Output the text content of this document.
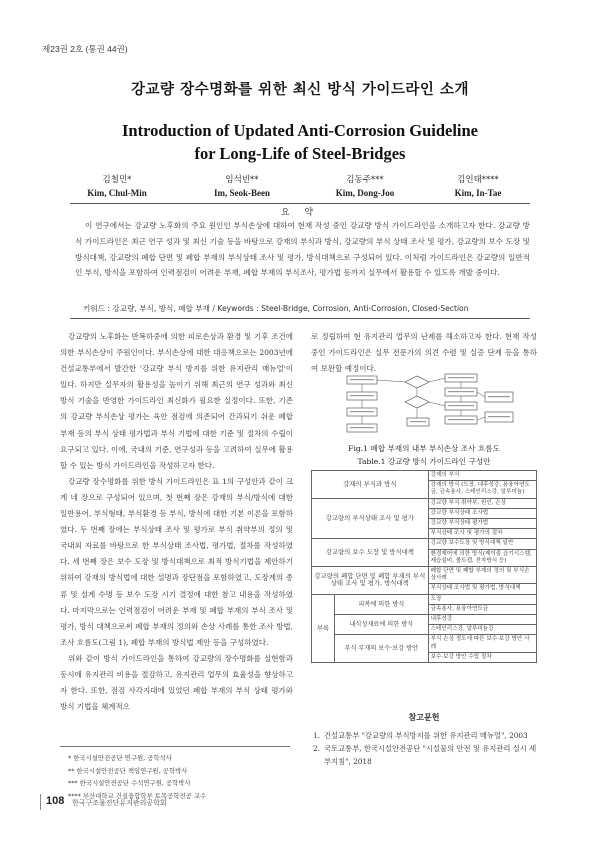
제23권 2호 (통권 44권)
강교량 장수명화를 위한 최신 방식 가이드라인 소개
Introduction of Updated Anti-Corrosion Guideline
for Long-Life of Steel-Bridges
김철민*
Kim, Chul-Min
임석빈**
Im, Seok-Been
김동주***
Kim, Dong-Joo
김인태****
Kim, In-Tae
요 약
이 연구에서는 강교량 노후화의 주요 원인인 부식손상에 대하여 현재 작성 중인 강교량 방식 가이드라인을 소개하고자 한다. 강교량 방식 가이드라인은 최근 연구 성과 및 최신 기술 등을 바탕으로 강재의 부식과 방식, 강교량의 부식 상태 조사 및 평가, 강교량의 보수 도장 및 방식대책, 강교량의 폐합 단면 및 폐합 부재의 부식상태 조사 및 평가, 방식대책으로 구성되어 있다. 이처럼 가이드라인은 강교량의 일반적인 부식, 방식을 포함하여 인력점검이 어려운 부재, 폐합 부재의 부식조사, 평가법 등까지 실무에서 활용할 수 있도록 개발 중이다.
키워드 : 강교량, 부식, 방식, 폐합 부재 / Keywords : Steel-Bridge, Corrosion, Anti-Corrosion, Closed-Section

강교량의 노후화는 반복하중에 의한 피로손상과 환경 및 기후 조건에 의한 부식손상이 주원인이다. 부식손상에 대한 대응책으로는 2003년에 건설교통부에서 발간한 '강교량 부식 방지를 위한 유지관리 매뉴얼'이 있다. 하지만 실무자의 활용성을 높이기 위해 최근의 연구 성과와 최신 방식 기술을 반영한 가이드라인 최신화가 필요한 실정이다. 또한, 기존의 강교량 부식손상 평가는 육안 점검에 의존되어 간과되기 쉬운 폐합 부재 등의 부식 상태 평가법과 부식 기법에 대한 기준 및 절차의 수립이 요구되고 있다. 이에, 국내의 기준, 연구성과 등을 고려하여 실무에 활용할 수 있는 방식 가이드라인을 작성하고자 한다.

강교량 장수명화를 위한 방식 가이드라인은 표 1의 구성안과 같이 크게 네 장으로 구성되어 있으며, 첫 번째 장은 강재의 부식/방식에 대한 일반용어, 부식형태, 부식환경 등 부식, 방식에 대한 기본 이론을 포함하였다. 두 번째 장에는 부식상태 조사 및 평가로 부식 취약부의 정의 및 국내외 자료를 바탕으로 한 부식상태 조사법, 평가법, 절차를 작성하였다. 세 번째 장은 보수 도장 및 방식대책으로 최적 방식기법을 제안하기 위하여 강재의 방식법에 대한 설명과 장단점을 포함하였고, 도장계의 종류 및 설계 수명 등 보수 도장 시기 결정에 대한 참고 내용을 작성하였다. 마지막으로는 인력점검이 어려운 부재 및 폐합 부재의 부식 조사 및 평가, 방식 대책으로써 폐합 부재의 정의와 손상 사례를 통한 조사 방법, 조사 흐름도(그림 1), 폐합 부재의 방식법 제안 등을 구성하였다.

위와 같이 방식 가이드라인을 통하여 강교량의 장수명화를 실현함과 동시에 유지관리 비용을 절감하고, 유지관리 업무의 효율성을 향상하고자 한다. 또한, 점검 사각지대에 있었던 폐합 부재의 부식 상태 평가와 방식 기법을 체계적으

* 한국시설안전공단 연구원, 공학석사
** 한국시설안전공단 책임연구원, 공학박사
*** 한국시설안전공단 수석연구원, 공학박사
**** 부산대학교 건설융합학부 토목공학전공 교수
로 정립하여 현 유지관리 업무의 난제를 해소하고자 한다. 현재 작성 중인 가이드라인은 실무 전문가의 의견 수렴 및 실증 단계 등을 통하여 보완할 예정이다.
Fig.1 폐합 부재의 내부 부식손상 조사 흐름도
Table.1 강교량 방식 가이드라인 구성안
강재의 부식과 방식		강재의 부식
		강재의 방식 (도장, 내후성강, 용융아연도금, 금속용사, 스테인리스강, 알루미늄)
강교량의 부식상태 조사 및 평가		강교량 부식 취약부, 원인, 손상
		강교량 부식상태 조사법
		강교량 부식상태 평가법
		부식상태 조사 및 평가의 절차
강교량의 보수 도장 및 방식대책		강교량 보수도장 및 방식대책 일반
		환경제어에 의한 방식(제이줌 습기시스템, 제습설비, 볼트캡, 전자방식 등)
강교량의 폐합 단면 및 폐합 부재의 부식상태 조사 및 평가, 방식대책		폐합 단면 및 폐합 부재의 정의 및 부식손상사례
		부식상태 조사법 및 평가법, 방식대책
부록	피복에 의한 방식	도장
		금속용사, 용융아연도금
	내식성재료에 의한 방식	내후성강
		스테인리스강, 알루미늄강
	부식 부재의 보수·보강 방안	부식 손상 정도에 따른 보수·보강 방안 사례
		보수·보강 방안 수립 절차
참고문헌
1. 건설교통부 "강교량의 부식방지를 위한 유지관리 매뉴얼", 2003
2. 국토교통부, 한국시설안전공단 "시설물의 안전 및 유지관리 실시 세부지침", 2018
108 한국구조물진단유지관리공학회
